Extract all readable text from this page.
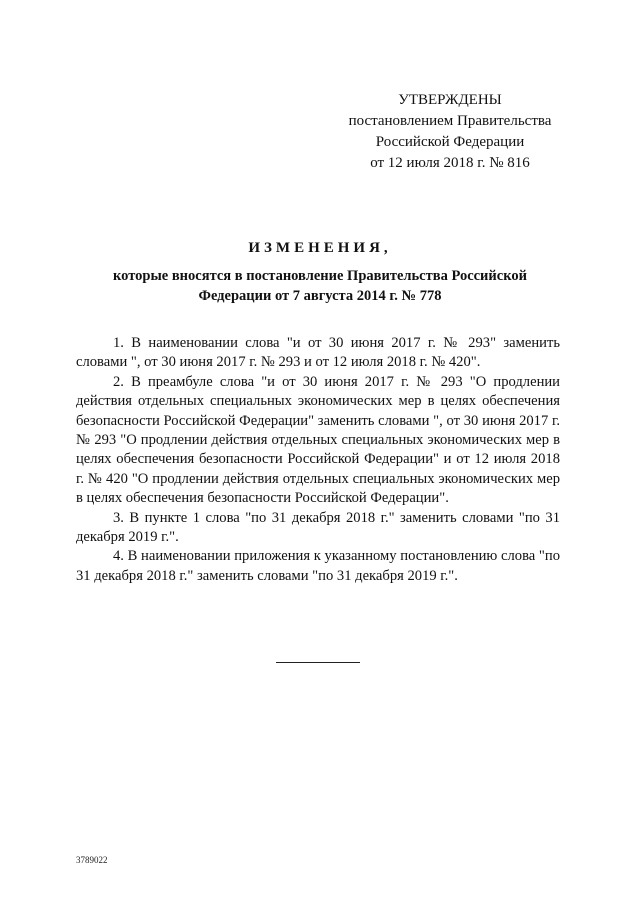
УТВЕРЖДЕНЫ
постановлением Правительства
Российской Федерации
от 12 июля 2018 г. № 816
ИЗМЕНЕНИЯ,
которые вносятся в постановление Правительства Российской
Федерации от 7 августа 2014 г. № 778

1. В наименовании слова "и от 30 июня 2017 г. № 293" заменить словами ", от 30 июня 2017 г. № 293 и от 12 июля 2018 г. № 420".

2. В преамбуле слова "и от 30 июня 2017 г. № 293 "О продлении действия отдельных специальных экономических мер в целях обеспечения безопасности Российской Федерации" заменить словами ", от 30 июня 2017 г. № 293 "О продлении действия отдельных специальных экономических мер в целях обеспечения безопасности Российской Федерации" и от 12 июля 2018 г. № 420 "О продлении действия отдельных специальных экономических мер в целях обеспечения безопасности Российской Федерации".

3. В пункте 1 слова "по 31 декабря 2018 г." заменить словами "по 31 декабря 2019 г.".

4. В наименовании приложения к указанному постановлению слова "по 31 декабря 2018 г." заменить словами "по 31 декабря 2019 г.".

3789022
